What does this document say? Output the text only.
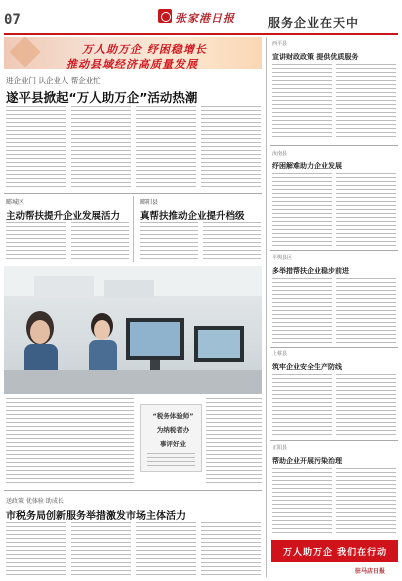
07	张家港日报	服务企业在天中
万人助万企 纾困稳增长
推动县域经济高质量发展
进企业门 认企业人 帮企业忙
遂平县掀起“万人助万企”活动热潮
郾城区
主动帮扶提升企业发展活力
郾阳县
真帮扶推动企业提升档级
“税务体验师”
为纳税者办
事评好业
送政策 优体验 助成长
市税务局创新服务举措激发市场主体活力
西平县
宣讲财政政策 提供优质服务
汝南县
纾困解难助力企业发展
平舆县区
多举措帮扶企业稳步前进
上蔡县
筑牢企业安全生产防线
正阳县
帮助企业开展污染治理
万人助万企 我们在行动
驻马店日报
